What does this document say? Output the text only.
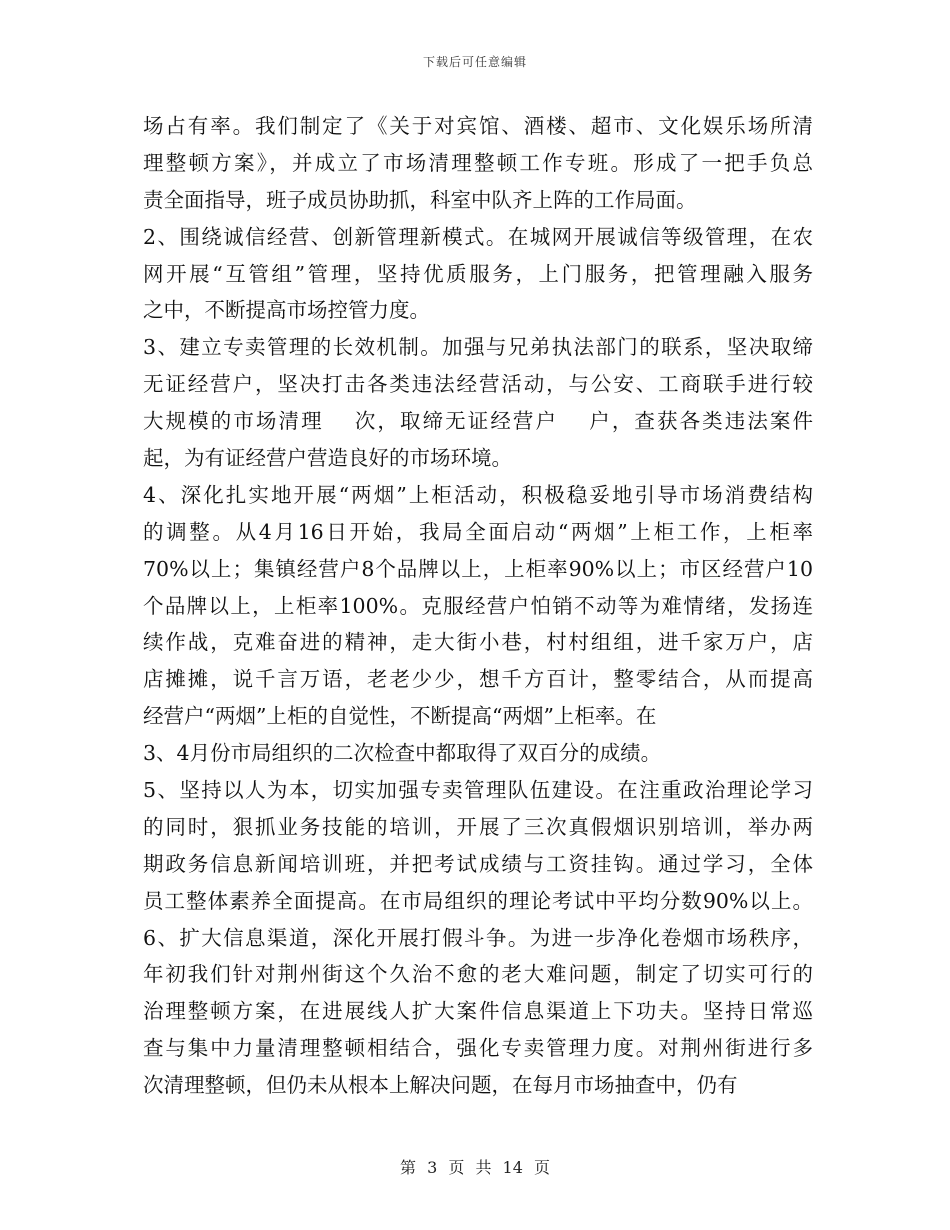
下载后可任意编辑
场占有率。我们制定了《关于对宾馆、酒楼、超市、文化娱乐场所清
理整顿方案》，并成立了市场清理整顿工作专班。形成了一把手负总
责全面指导，班子成员协助抓，科室中队齐上阵的工作局面。
2、围绕诚信经营、创新管理新模式。在城网开展诚信等级管理，在农
网开展“互管组”管理，坚持优质服务，上门服务，把管理融入服务
之中，不断提高市场控管力度。
3、建立专卖管理的长效机制。加强与兄弟执法部门的联系，坚决取缔
无证经营户，坚决打击各类违法经营活动，与公安、工商联手进行较
大规模的市场清理　 次，取缔无证经营户　 户，查获各类违法案件
起，为有证经营户营造良好的市场环境。
4、深化扎实地开展“两烟”上柜活动，积极稳妥地引导市场消费结构
的调整。从4月16日开始，我局全面启动“两烟”上柜工作，上柜率
70%以上；集镇经营户8个品牌以上，上柜率90%以上；市区经营户10
个品牌以上，上柜率100%。克服经营户怕销不动等为难情绪，发扬连
续作战，克难奋进的精神，走大街小巷，村村组组，进千家万户，店
店摊摊，说千言万语，老老少少，想千方百计，整零结合，从而提高
经营户“两烟”上柜的自觉性，不断提高“两烟”上柜率。在
3、4月份市局组织的二次检查中都取得了双百分的成绩。
5、坚持以人为本，切实加强专卖管理队伍建设。在注重政治理论学习
的同时，狠抓业务技能的培训，开展了三次真假烟识别培训，举办两
期政务信息新闻培训班，并把考试成绩与工资挂钩。通过学习，全体
员工整体素养全面提高。在市局组织的理论考试中平均分数90%以上。
6、扩大信息渠道，深化开展打假斗争。为进一步净化卷烟市场秩序，
年初我们针对荆州街这个久治不愈的老大难问题，制定了切实可行的
治理整顿方案，在进展线人扩大案件信息渠道上下功夫。坚持日常巡
查与集中力量清理整顿相结合，强化专卖管理力度。对荆州街进行多
次清理整顿，但仍未从根本上解决问题，在每月市场抽查中，仍有
第 3 页 共 14 页
